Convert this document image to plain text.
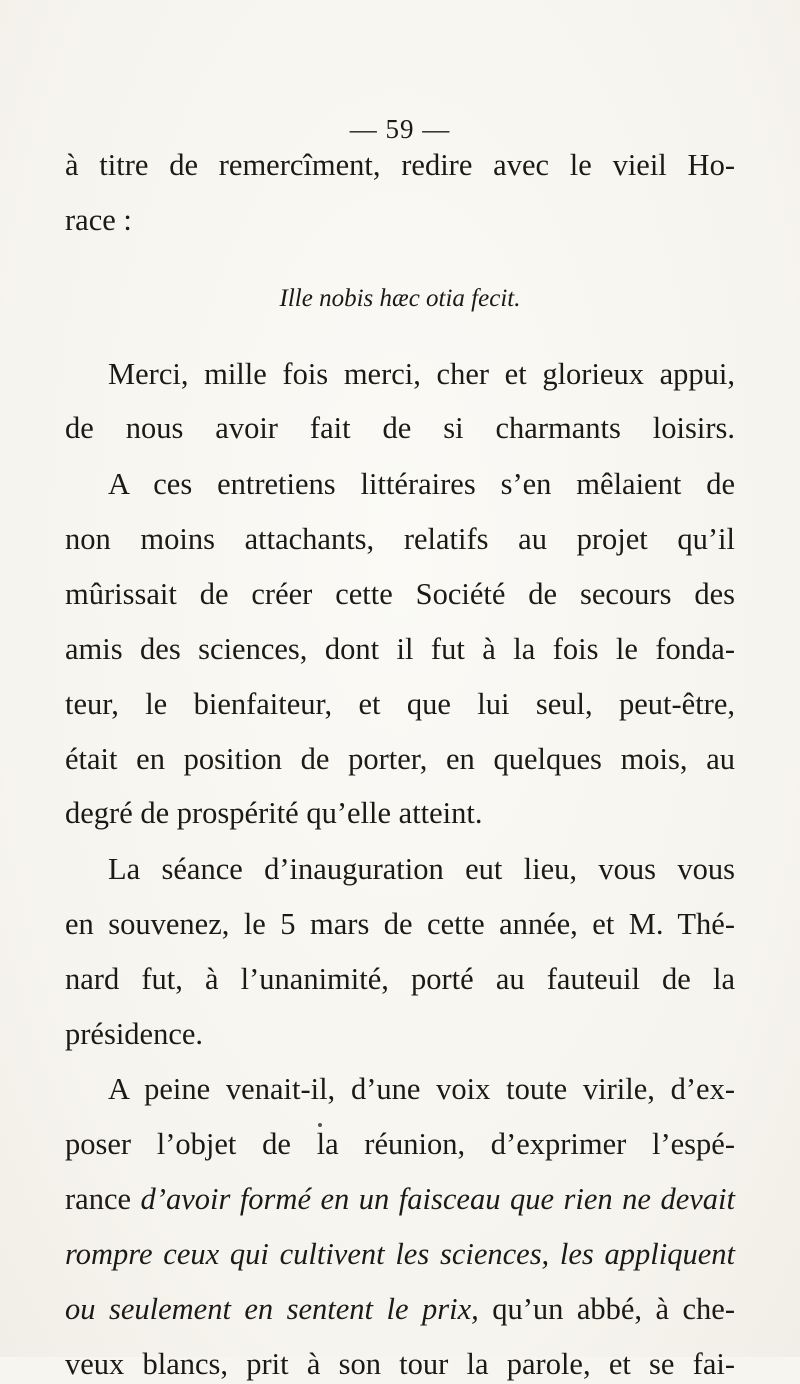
— 59 —
à titre de remercîment, redire avec le vieil Ho-
race :
Ille nobis hæc otia fecit.
Merci, mille fois merci, cher et glorieux appui,
de nous avoir fait de si charmants loisirs.
A ces entretiens littéraires s’en mêlaient de
non moins attachants, relatifs au projet qu’il
mûrissait de créer cette Société de secours des
amis des sciences, dont il fut à la fois le fonda-
teur, le bienfaiteur, et que lui seul, peut-être,
était en position de porter, en quelques mois, au
degré de prospérité qu’elle atteint.
La séance d’inauguration eut lieu, vous vous
en souvenez, le 5 mars de cette année, et M. Thé-
nard fut, à l’unanimité, porté au fauteuil de la
présidence.
A peine venait-il, d’une voix toute virile, d’ex-
poser l’objet de la réunion, d’exprimer l’espé-
rance d’avoir formé en un faisceau que rien ne devait
rompre ceux qui cultivent les sciences, les appliquent
ou seulement en sentent le prix, qu’un abbé, à che-
veux blancs, prit à son tour la parole, et se fai-
